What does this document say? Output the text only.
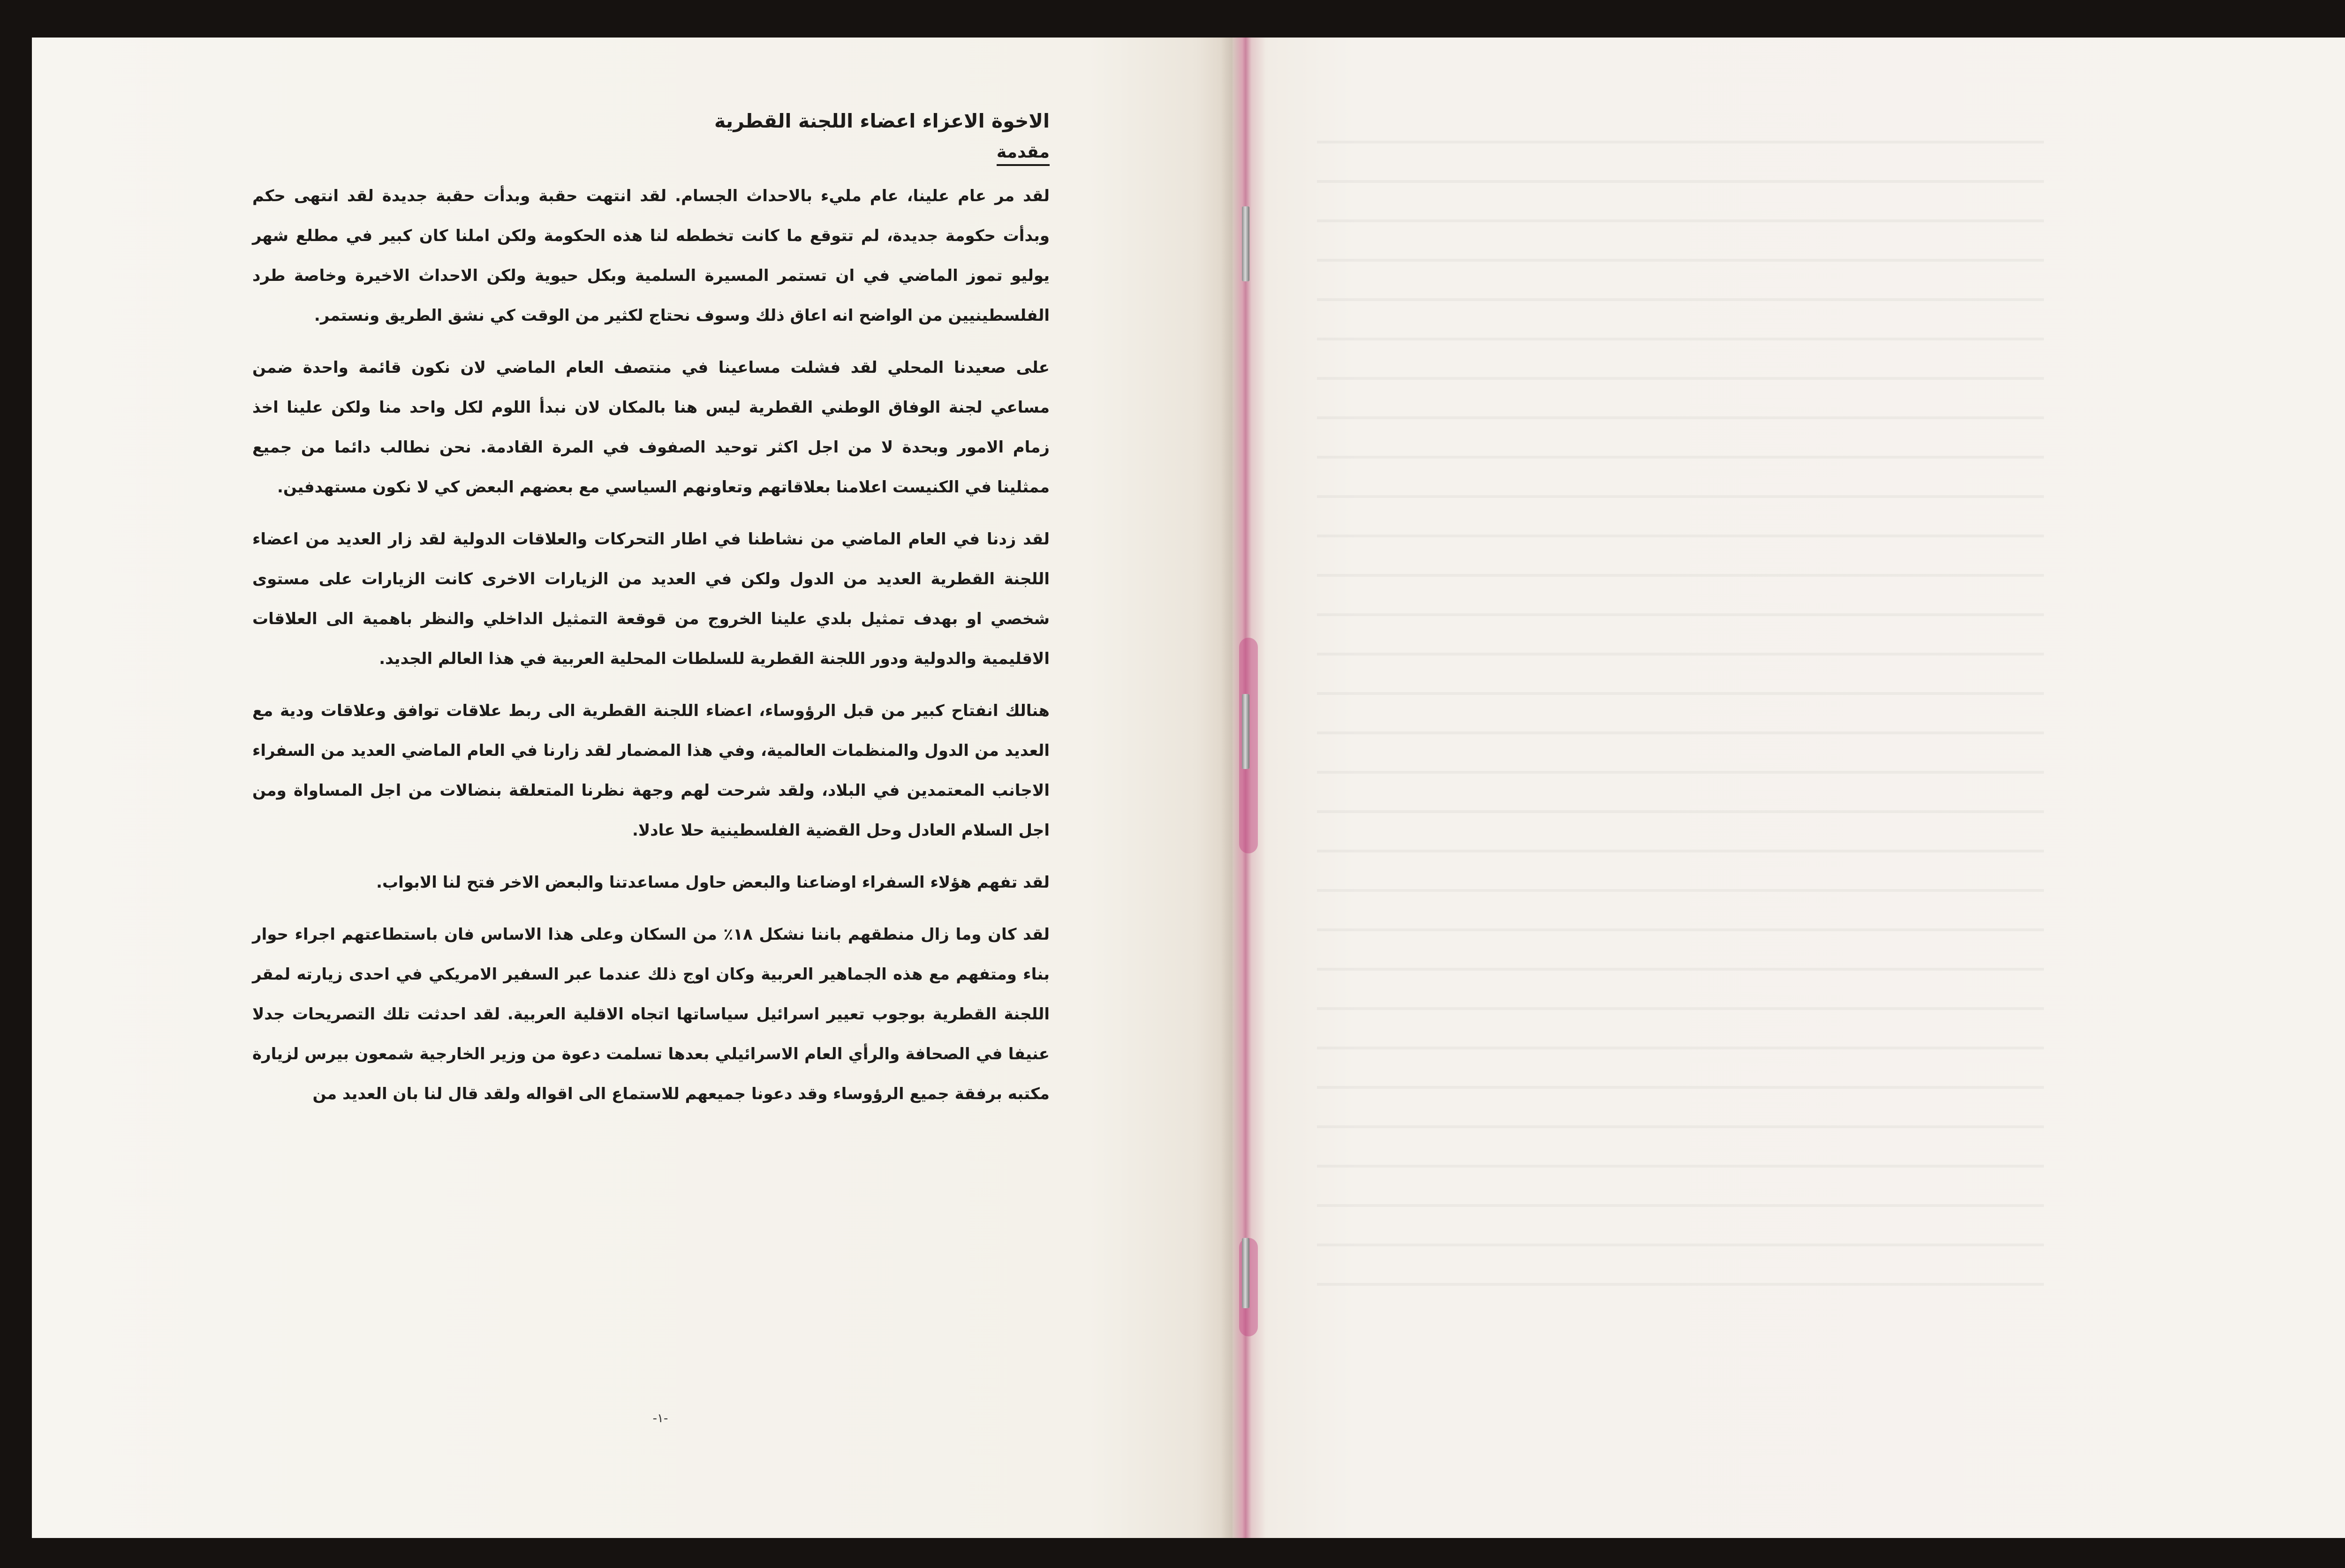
الاخوة الاعزاء اعضاء اللجنة القطرية
مقدمة

لقد مر عام علينا، عام مليء بالاحداث الجسام. لقد انتهت حقبة وبدأت حقبة جديدة لقد انتهى حكم وبدأت حكومة جديدة، لم تتوقع ما كانت تخططه لنا هذه الحكومة ولكن املنا كان كبير في مطلع شهر يوليو تموز الماضي في ان تستمر المسيرة السلمية وبكل حيوية ولكن الاحداث الاخيرة وخاصة طرد الفلسطينيين من الواضح انه اعاق ذلك وسوف نحتاج لكثير من الوقت كي نشق الطريق ونستمر.

على صعيدنا المحلي لقد فشلت مساعينا في منتصف العام الماضي لان نكون قائمة واحدة ضمن مساعي لجنة الوفاق الوطني القطرية ليس هنا بالمكان لان نبدأ اللوم لكل واحد منا ولكن علينا اخذ زمام الامور وبحدة لا من اجل اكثر توحيد الصفوف في المرة القادمة. نحن نطالب دائما من جميع ممثلينا في الكنيست اعلامنا بعلاقاتهم وتعاونهم السياسي مع بعضهم البعض كي لا نكون مستهدفين.

لقد زدنا في العام الماضي من نشاطنا في اطار التحركات والعلاقات الدولية لقد زار العديد من اعضاء اللجنة القطرية العديد من الدول ولكن في العديد من الزيارات الاخرى كانت الزيارات على مستوى شخصي او بهدف تمثيل بلدي علينا الخروج من قوقعة التمثيل الداخلي والنظر باهمية الى العلاقات الاقليمية والدولية ودور اللجنة القطرية للسلطات المحلية العربية في هذا العالم الجديد.

هنالك انفتاح كبير من قبل الرؤوساء، اعضاء اللجنة القطرية الى ربط علاقات توافق وعلاقات ودية مع العديد من الدول والمنظمات العالمية، وفي هذا المضمار لقد زارنا في العام الماضي العديد من السفراء الاجانب المعتمدين في البلاد، ولقد شرحت لهم وجهة نظرنا المتعلقة بنضالات من اجل المساواة ومن اجل السلام العادل وحل القضية الفلسطينية حلا عادلا.

لقد تفهم هؤلاء السفراء اوضاعنا والبعض حاول مساعدتنا والبعض الاخر فتح لنا الابواب.

لقد كان وما زال منطقهم باننا نشكل ١٨٪ من السكان وعلى هذا الاساس فان باستطاعتهم اجراء حوار بناء ومتفهم مع هذه الجماهير العربية وكان اوج ذلك عندما عبر السفير الامريكي في احدى زيارته لمقر اللجنة القطرية بوجوب تعيير اسرائيل سياساتها اتجاه الاقلية العربية. لقد احدثت تلك التصريحات جدلا عنيفا في الصحافة والرأي العام الاسرائيلي بعدها تسلمت دعوة من وزير الخارجية شمعون بيرس لزيارة مكتبه برفقة جميع الرؤوساء وقد دعونا جميعهم للاستماع الى اقواله ولقد قال لنا بان العديد من

-١-
